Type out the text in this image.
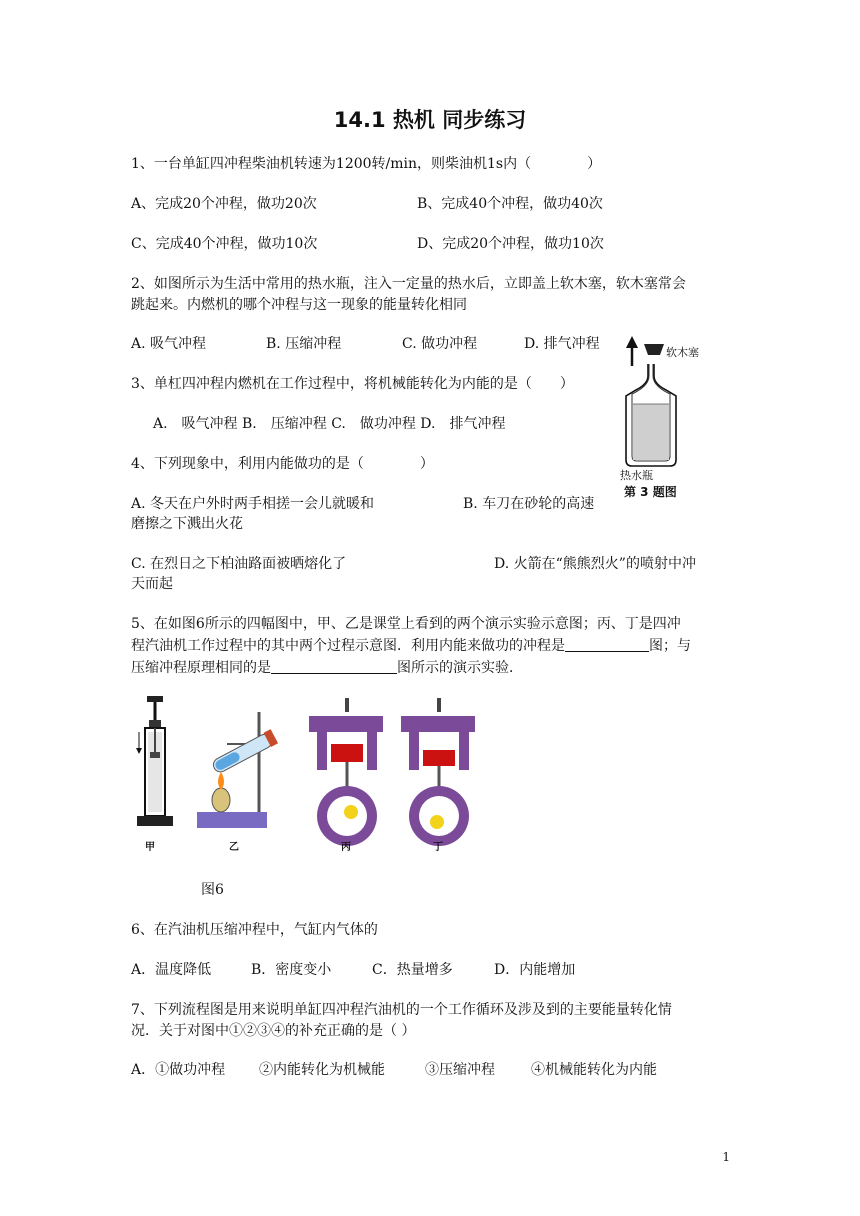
14.1 热机 同步练习
1、一台单缸四冲程柴油机转速为1200转/min，则柴油机1s内（　　　　）
A、完成20个冲程，做功20次	B、完成40个冲程，做功40次
C、完成40个冲程，做功10次	D、完成20个冲程，做功10次
2、如图所示为生活中常用的热水瓶，注入一定量的热水后，立即盖上软木塞，软木塞常会
跳起来。内燃机的哪个冲程与这一现象的能量转化相同
A. 吸气冲程	B. 压缩冲程	C. 做功冲程	D. 排气冲程
软木塞
热水瓶
第 3 题图
3、单杠四冲程内燃机在工作过程中，将机械能转化为内能的是（　　）
A.　吸气冲程 B.　压缩冲程 C.　做功冲程 D.　排气冲程
4、下列现象中，利用内能做功的是（　　　　）
A. 冬天在户外时两手相搓一会儿就暖和	B. 车刀在砂轮的高速
磨擦之下溅出火花
C. 在烈日之下柏油路面被晒熔化了	D. 火箭在“熊熊烈火”的喷射中冲
天而起
5、在如图6所示的四幅图中，甲、乙是课堂上看到的两个演示实验示意图；丙、丁是四冲
程汽油机工作过程中的其中两个过程示意图．利用内能来做功的冲程是	图；与
压缩冲程原理相同的是	图所示的演示实验．
甲	乙	丙	丁
图6
6、在汽油机压缩冲程中，气缸内气体的
A．温度降低	B．密度变小	C．热量增多	D．内能增加
7、下列流程图是用来说明单缸四冲程汽油机的一个工作循环及涉及到的主要能量转化情
况．关于对图中①②③④的补充正确的是（ ）
A．①做功冲程 ②内能转化为机械能	③压缩冲程	④机械能转化为内能
1
